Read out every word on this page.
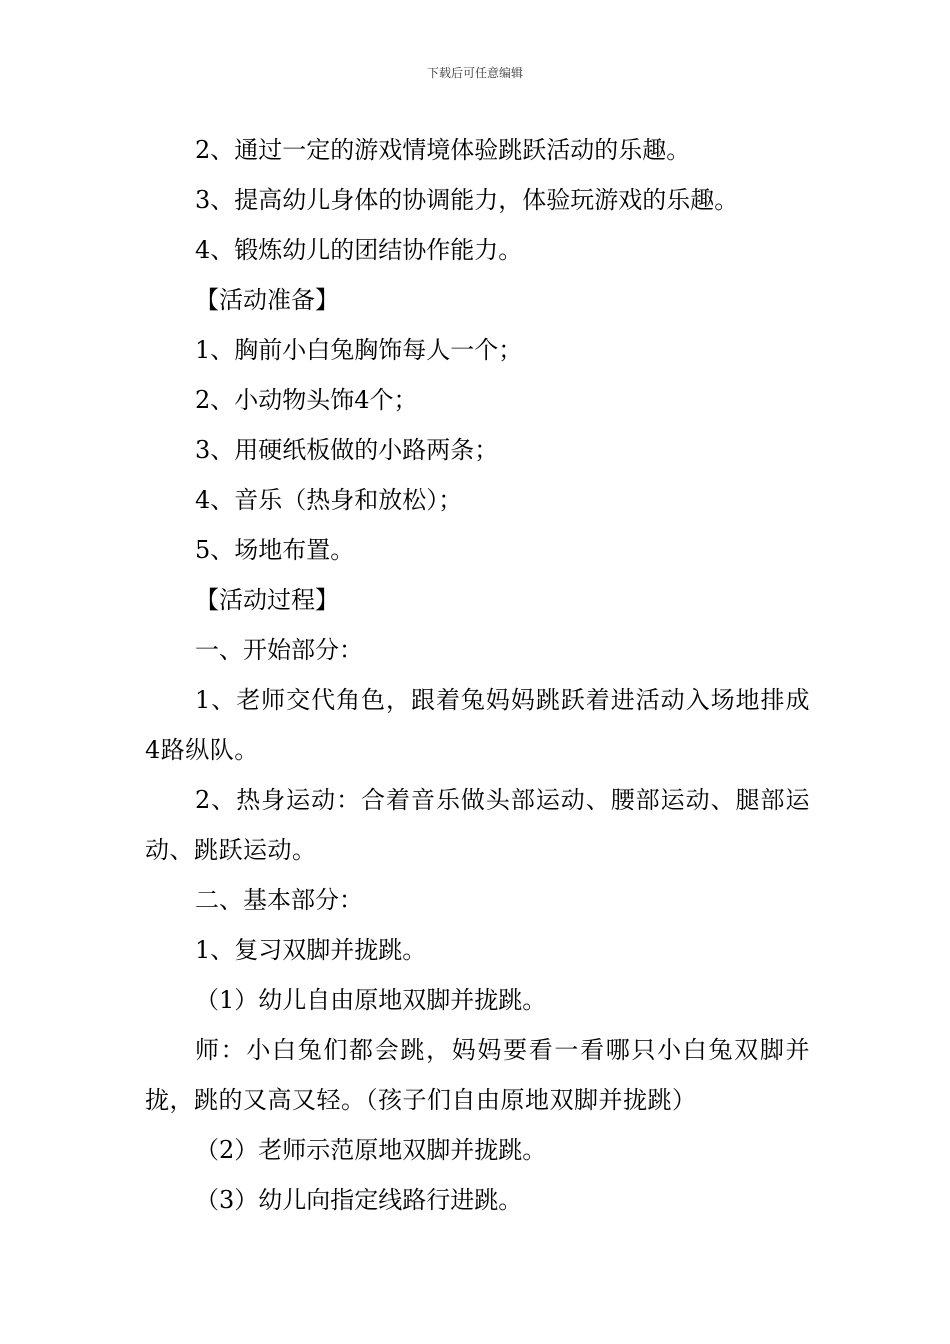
下载后可任意编辑

2、通过一定的游戏情境体验跳跃活动的乐趣。

3、提高幼儿身体的协调能力，体验玩游戏的乐趣。

4、锻炼幼儿的团结协作能力。

【活动准备】

1、胸前小白兔胸饰每人一个；

2、小动物头饰4个；

3、用硬纸板做的小路两条；

4、音乐（热身和放松）；

5、场地布置。

【活动过程】

一、开始部分：

1、老师交代角色，跟着兔妈妈跳跃着进活动入场地排成4路纵队。

2、热身运动：合着音乐做头部运动、腰部运动、腿部运动、跳跃运动。

二、基本部分：

1、复习双脚并拢跳。

（1）幼儿自由原地双脚并拢跳。

师：小白兔们都会跳，妈妈要看一看哪只小白兔双脚并拢，跳的又高又轻。（孩子们自由原地双脚并拢跳）

（2）老师示范原地双脚并拢跳。

（3）幼儿向指定线路行进跳。
